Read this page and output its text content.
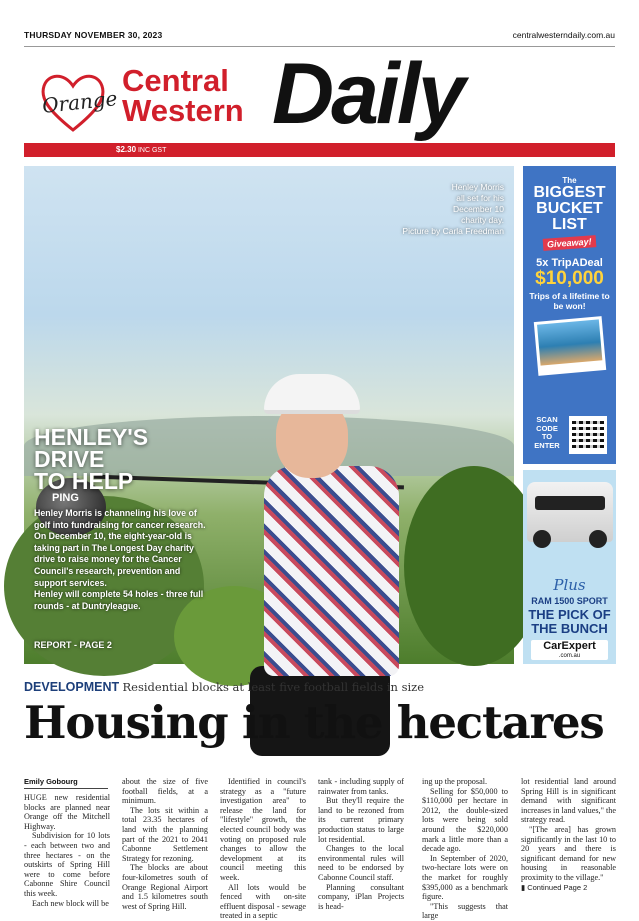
THURSDAY NOVEMBER 30, 2023	centralwesterndaily.com.au
Orange
Central
Western Daily
$2.30 INC GST
PING
Henley Morris
all set for his
December 10
charity day.
Picture by Carla Freedman
HENLEY'S
DRIVE
TO HELP

Henley Morris is channeling his love of golf into fundraising for cancer research.

On December 10, the eight-year-old is taking part in The Longest Day charity drive to raise money for the Cancer Council's research, prevention and support services.

Henley will complete 54 holes - three full rounds - at Duntryleague.

REPORT - PAGE 2
The
BIGGEST
BUCKET
LIST
Giveaway!
5x TripADeal
$10,000
Trips of a lifetime to be won!
SCAN
CODE
TO
ENTER
Plus
RAM 1500 SPORT
THE PICK OF
THE BUNCH
CarExpert
.com.au
DEVELOPMENT Residential blocks at least five football fields in size
Housing in the hectares
Emily Gobourg

HUGE new residential blocks are planned near Orange off the Mitchell Highway.

Subdivision for 10 lots - each between two and three hectares - on the outskirts of Spring Hill were to come before Cabonne Shire Council this week.

Each new block will be

about the size of five football fields, at a minimum.

The lots sit within a total 23.35 hectares of land with the planning part of the 2021 to 2041 Cabonne Settlement Strategy for rezoning.

The blocks are about four-kilometres south of Orange Regional Airport and 1.5 kilometres south west of Spring Hill.

Identified in council's strategy as a "future investigation area" to release the land for "lifestyle" growth, the elected council body was voting on proposed rule changes to allow the development at its council meeting this week.

All lots would be fenced with on-site effluent disposal - sewage treated in a septic

tank - including supply of rainwater from tanks.

But they'll require the land to be rezoned from its current primary production status to large lot residential.

Changes to the local environmental rules will need to be endorsed by Cabonne Council staff.

Planning consultant company, iPlan Projects is head-

ing up the proposal.

Selling for $50,000 to $110,000 per hectare in 2012, the double-sized lots were being sold around the $220,000 mark a little more than a decade ago.

In September of 2020, two-hectare lots were on the market for roughly $395,000 as a benchmark figure.

"This suggests that large

lot residential land around Spring Hill is in significant demand with significant increases in land values," the strategy read.

"[The area] has grown significantly in the last 10 to 20 years and there is significant demand for new housing in reasonable proximity to the village."

▮ Continued Page 2
